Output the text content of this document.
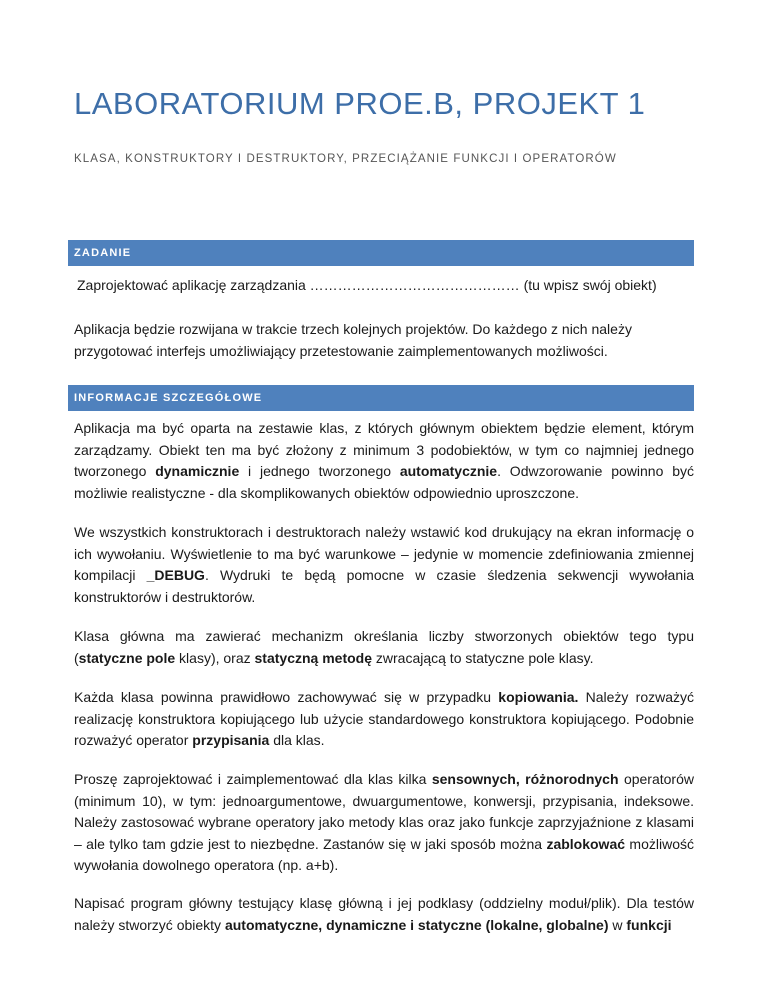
LABORATORIUM PROE.B, PROJEKT 1

KLASA, KONSTRUKTORY I DESTRUKTORY, PRZECIĄŻANIE FUNKCJI I OPERATORÓW

ZADANIE

Zaprojektować aplikację zarządzania ……………………………………… (tu wpisz swój obiekt)

Aplikacja będzie rozwijana w trakcie trzech kolejnych projektów. Do każdego z nich należy przygotować interfejs umożliwiający przetestowanie zaimplementowanych możliwości.

INFORMACJE SZCZEGÓŁOWE

Aplikacja ma być oparta na zestawie klas, z których głównym obiektem będzie element, którym zarządzamy. Obiekt ten ma być złożony z minimum 3 podobiektów, w tym co najmniej jednego tworzonego dynamicznie i jednego tworzonego automatycznie. Odwzorowanie powinno być możliwie realistyczne - dla skomplikowanych obiektów odpowiednio uproszczone.

We wszystkich konstruktorach i destruktorach należy wstawić kod drukujący na ekran informację o ich wywołaniu. Wyświetlenie to ma być warunkowe – jedynie w momencie zdefiniowania zmiennej kompilacji _DEBUG. Wydruki te będą pomocne w czasie śledzenia sekwencji wywołania konstruktorów i destruktorów.

Klasa główna ma zawierać mechanizm określania liczby stworzonych obiektów tego typu (statyczne pole klasy), oraz statyczną metodę zwracającą to statyczne pole klasy.

Każda klasa powinna prawidłowo zachowywać się w przypadku kopiowania. Należy rozważyć realizację konstruktora kopiującego lub użycie standardowego konstruktora kopiującego. Podobnie rozważyć operator przypisania dla klas.

Proszę zaprojektować i zaimplementować dla klas kilka sensownych, różnorodnych operatorów (minimum 10), w tym: jednoargumentowe, dwuargumentowe, konwersji, przypisania, indeksowe. Należy zastosować wybrane operatory jako metody klas oraz jako funkcje zaprzyjaźnione z klasami – ale tylko tam gdzie jest to niezbędne. Zastanów się w jaki sposób można zablokować możliwość wywołania dowolnego operatora (np. a+b).

Napisać program główny testujący klasę główną i jej podklasy (oddzielny moduł/plik). Dla testów należy stworzyć obiekty automatyczne, dynamiczne i statyczne (lokalne, globalne) w funkcji
